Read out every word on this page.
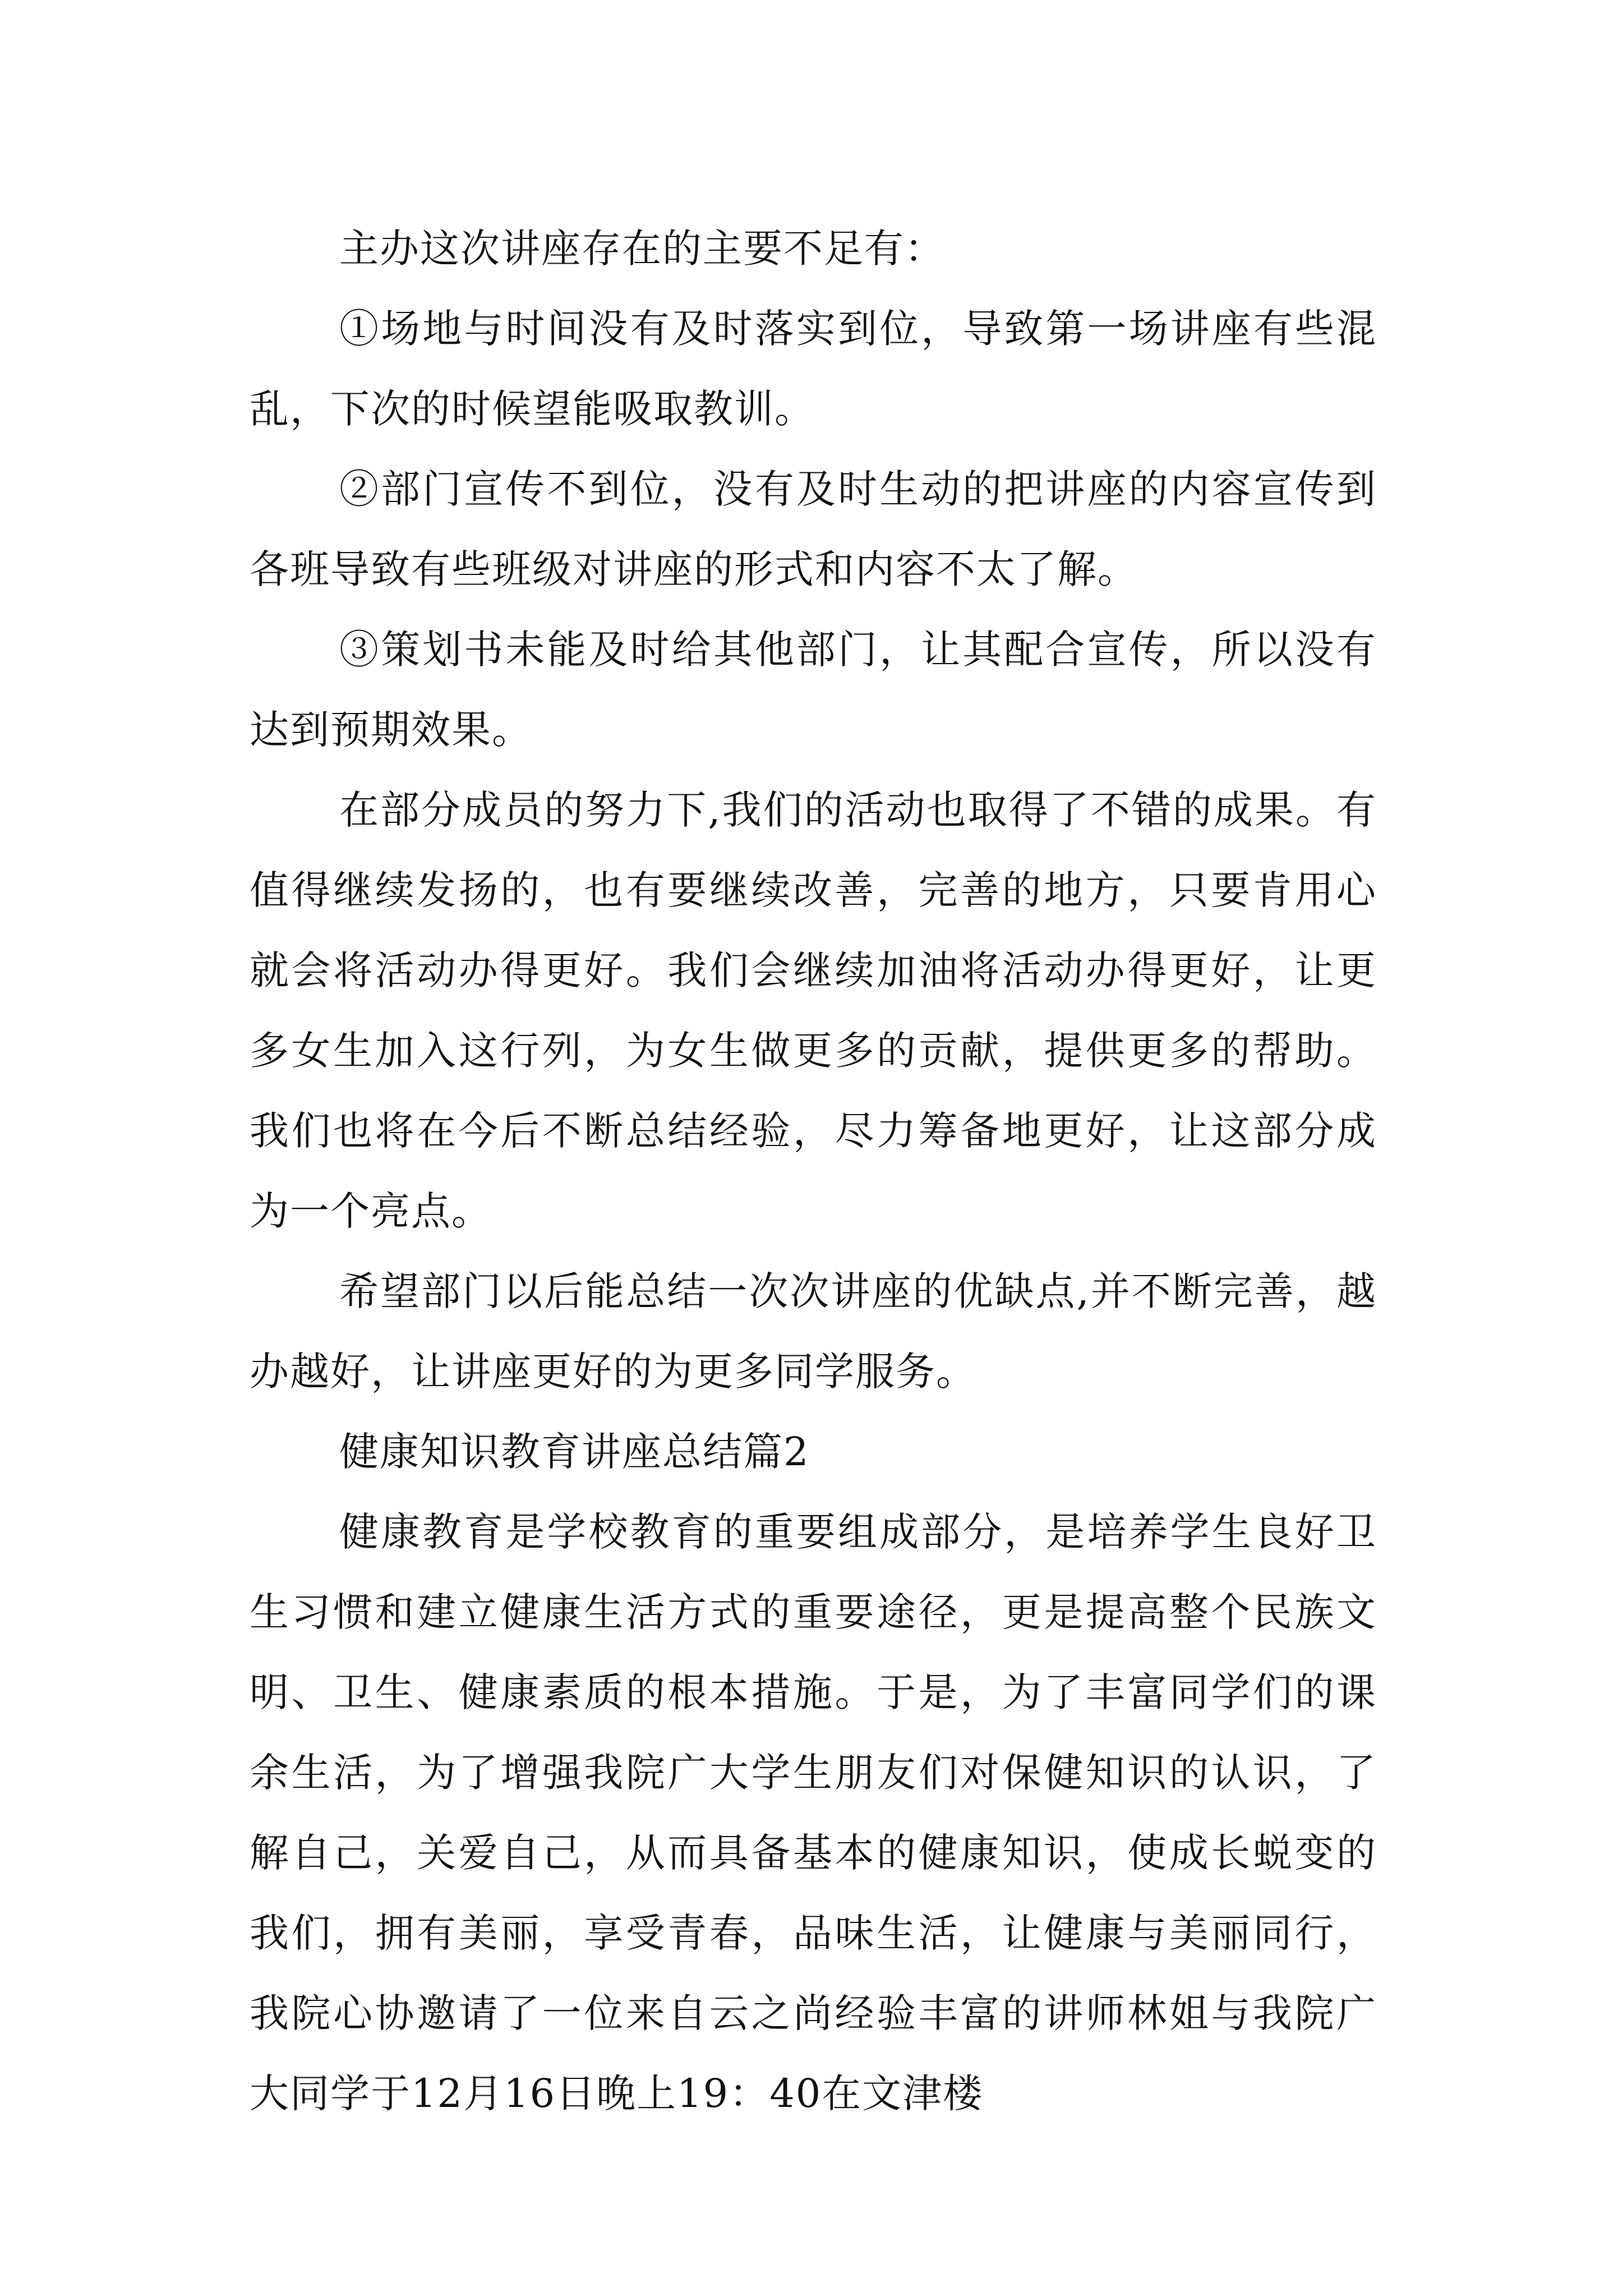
主办这次讲座存在的主要不足有：

①场地与时间没有及时落实到位，导致第一场讲座有些混乱，下次的时候望能吸取教训。

②部门宣传不到位，没有及时生动的把讲座的内容宣传到各班导致有些班级对讲座的形式和内容不太了解。

③策划书未能及时给其他部门，让其配合宣传，所以没有达到预期效果。

在部分成员的努力下,我们的活动也取得了不错的成果。有值得继续发扬的，也有要继续改善，完善的地方，只要肯用心就会将活动办得更好。我们会继续加油将活动办得更好，让更多女生加入这行列，为女生做更多的贡献，提供更多的帮助。我们也将在今后不断总结经验，尽力筹备地更好，让这部分成为一个亮点。

希望部门以后能总结一次次讲座的优缺点,并不断完善，越办越好，让讲座更好的为更多同学服务。

健康知识教育讲座总结篇2

健康教育是学校教育的重要组成部分，是培养学生良好卫生习惯和建立健康生活方式的重要途径，更是提高整个民族文明、卫生、健康素质的根本措施。于是，为了丰富同学们的课余生活，为了增强我院广大学生朋友们对保健知识的认识，了解自己，关爱自己，从而具备基本的健康知识，使成长蜕变的我们，拥有美丽，享受青春，品味生活，让健康与美丽同行，我院心协邀请了一位来自云之尚经验丰富的讲师林姐与我院广大同学于12月16日晚上19：40在文津楼
